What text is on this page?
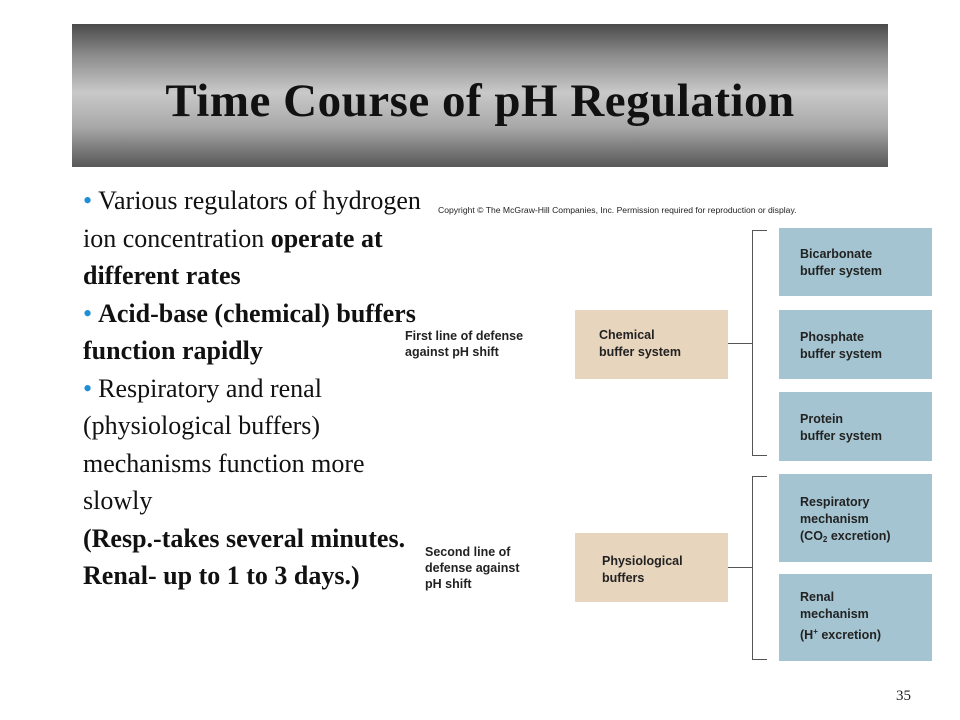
Time Course of pH Regulation

• Various regulators of hydrogen ion concentration operate at different rates

• Acid-base (chemical) buffers function rapidly

• Respiratory and renal (physiological buffers) mechanisms function more slowly

(Resp.-takes several minutes.

Renal- up to 1 to 3 days.)

Copyright © The McGraw-Hill Companies, Inc. Permission required for reproduction or display.
First line of defense
against pH shift
Second line of
defense against
pH shift
Chemical
buffer system
Physiological
buffers
Bicarbonate
buffer system
Phosphate
buffer system
Protein
buffer system
Respiratory
mechanism
($CO_2$ excretion)
Renal
mechanism
(H+ excretion)
35
